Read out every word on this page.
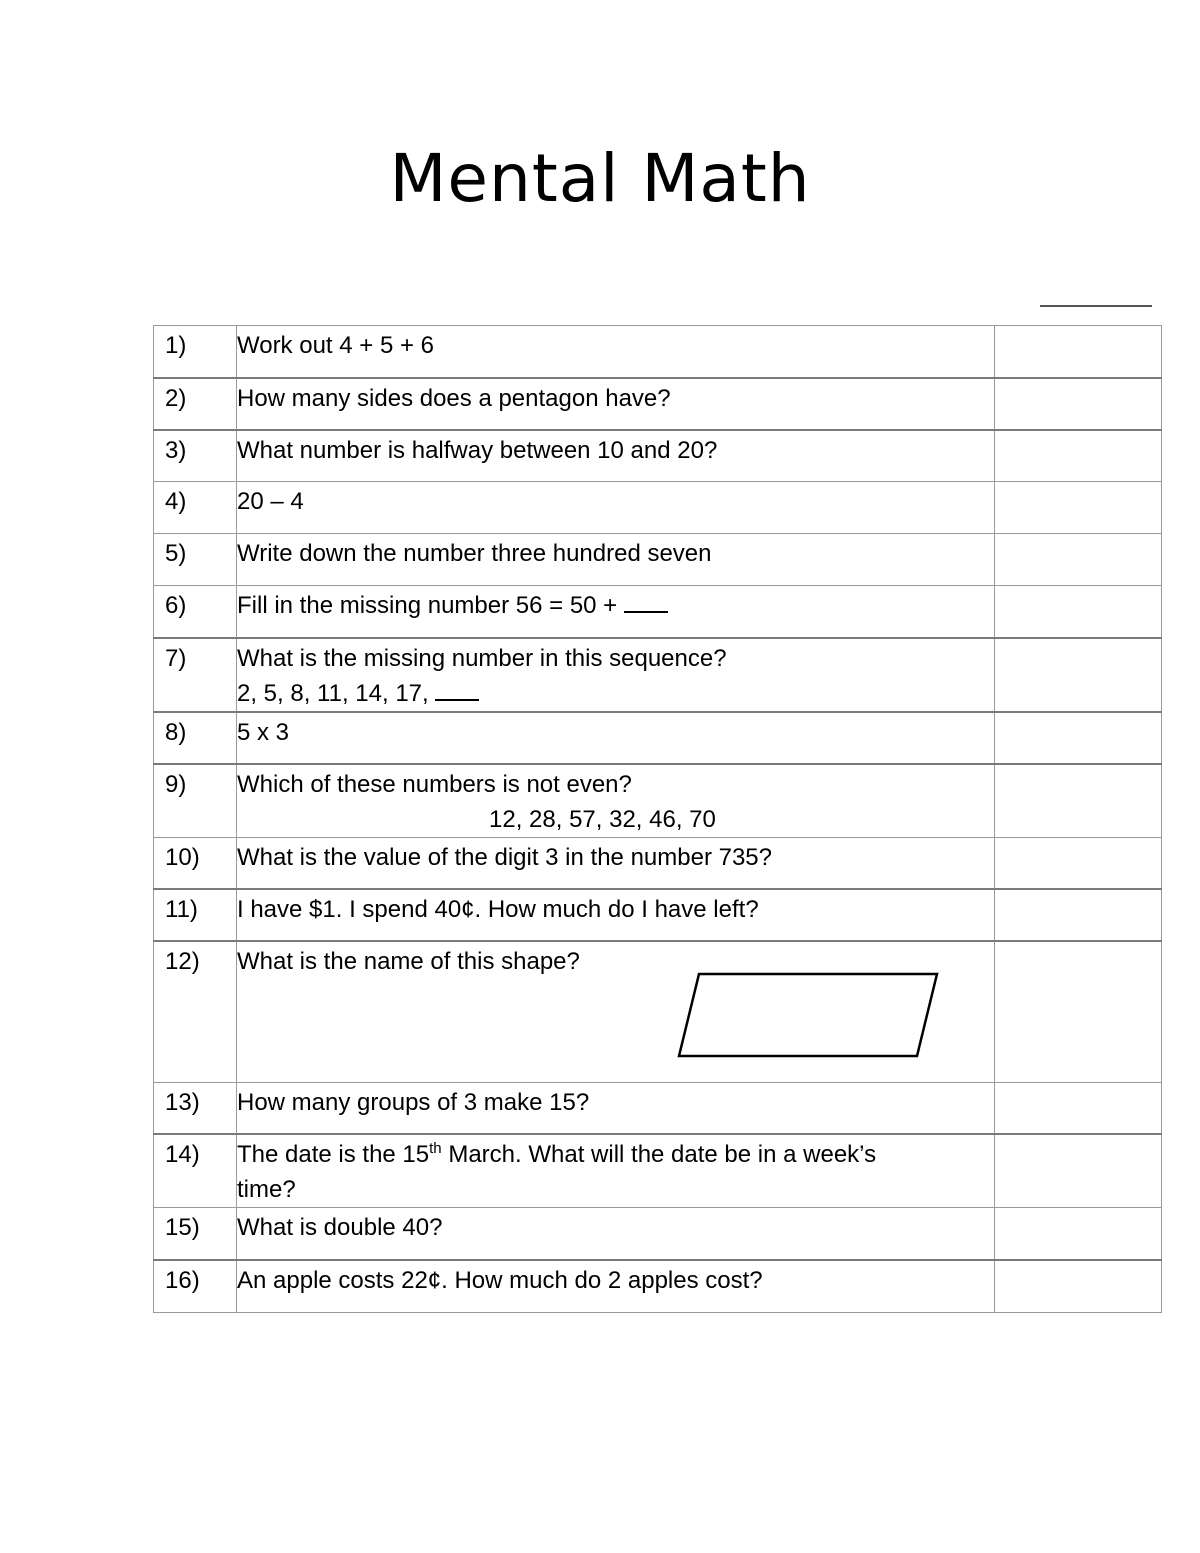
Mental Math
1)	Work out 4 + 5 + 6	
2)	How many sides does a pentagon have?	
3)	What number is halfway between 10 and 20?	
4)	20 – 4	
5)	Write down the number three hundred seven	
6)	Fill in the missing number 56 = 50 +	
7)	What is the missing number in this sequence?
2, 5, 8, 11, 14, 17,	

8)	5 x 3	
9)	Which of these numbers is not even?
12, 28, 57, 32, 46, 70	

10)	What is the value of the digit 3 in the number 735?	
11)	I have $1. I spend 40¢. How much do I have left?	
12)	What is the name of this shape?

13)	How many groups of 3 make 15?	
14)	The date is the 15th March. What will the date be in a week’s
time?	

15)	What is double 40?	
16)	An apple costs 22¢. How much do 2 apples cost?	
